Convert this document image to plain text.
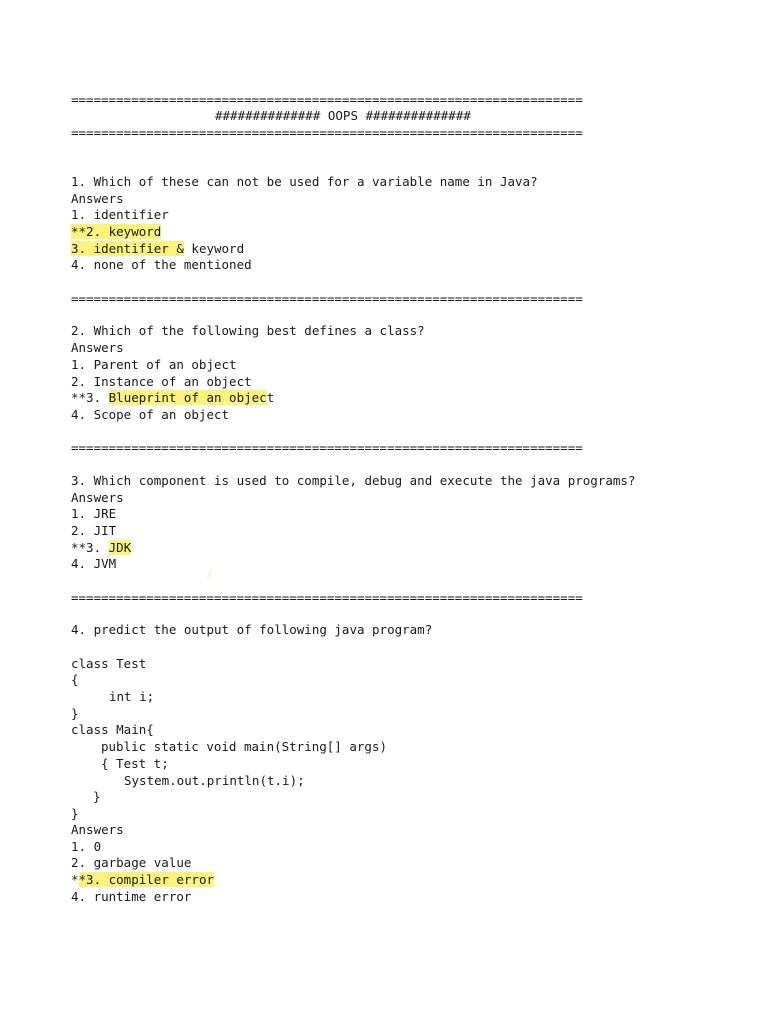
====================================================================
############## OOPS ##############
====================================================================
1. Which of these can not be used for a variable name in Java?
Answers
1. identifier
**2. keyword
3. identifier & keyword
4. none of the mentioned
====================================================================
2. Which of the following best defines a class?
Answers
1. Parent of an object
2. Instance of an object
**3. Blueprint of an object
4. Scope of an object
====================================================================
3. Which component is used to compile, debug and execute the java programs?
Answers
1. JRE
2. JIT
**3. JDK
4. JVM
====================================================================
4. predict the output of following java program?
class Test
{
int i;
}
class Main{
public static void main(String[] args)
{ Test t;
System.out.println(t.i);
}
}
Answers
1. 0
2. garbage value
**3. compiler error
4. runtime error
